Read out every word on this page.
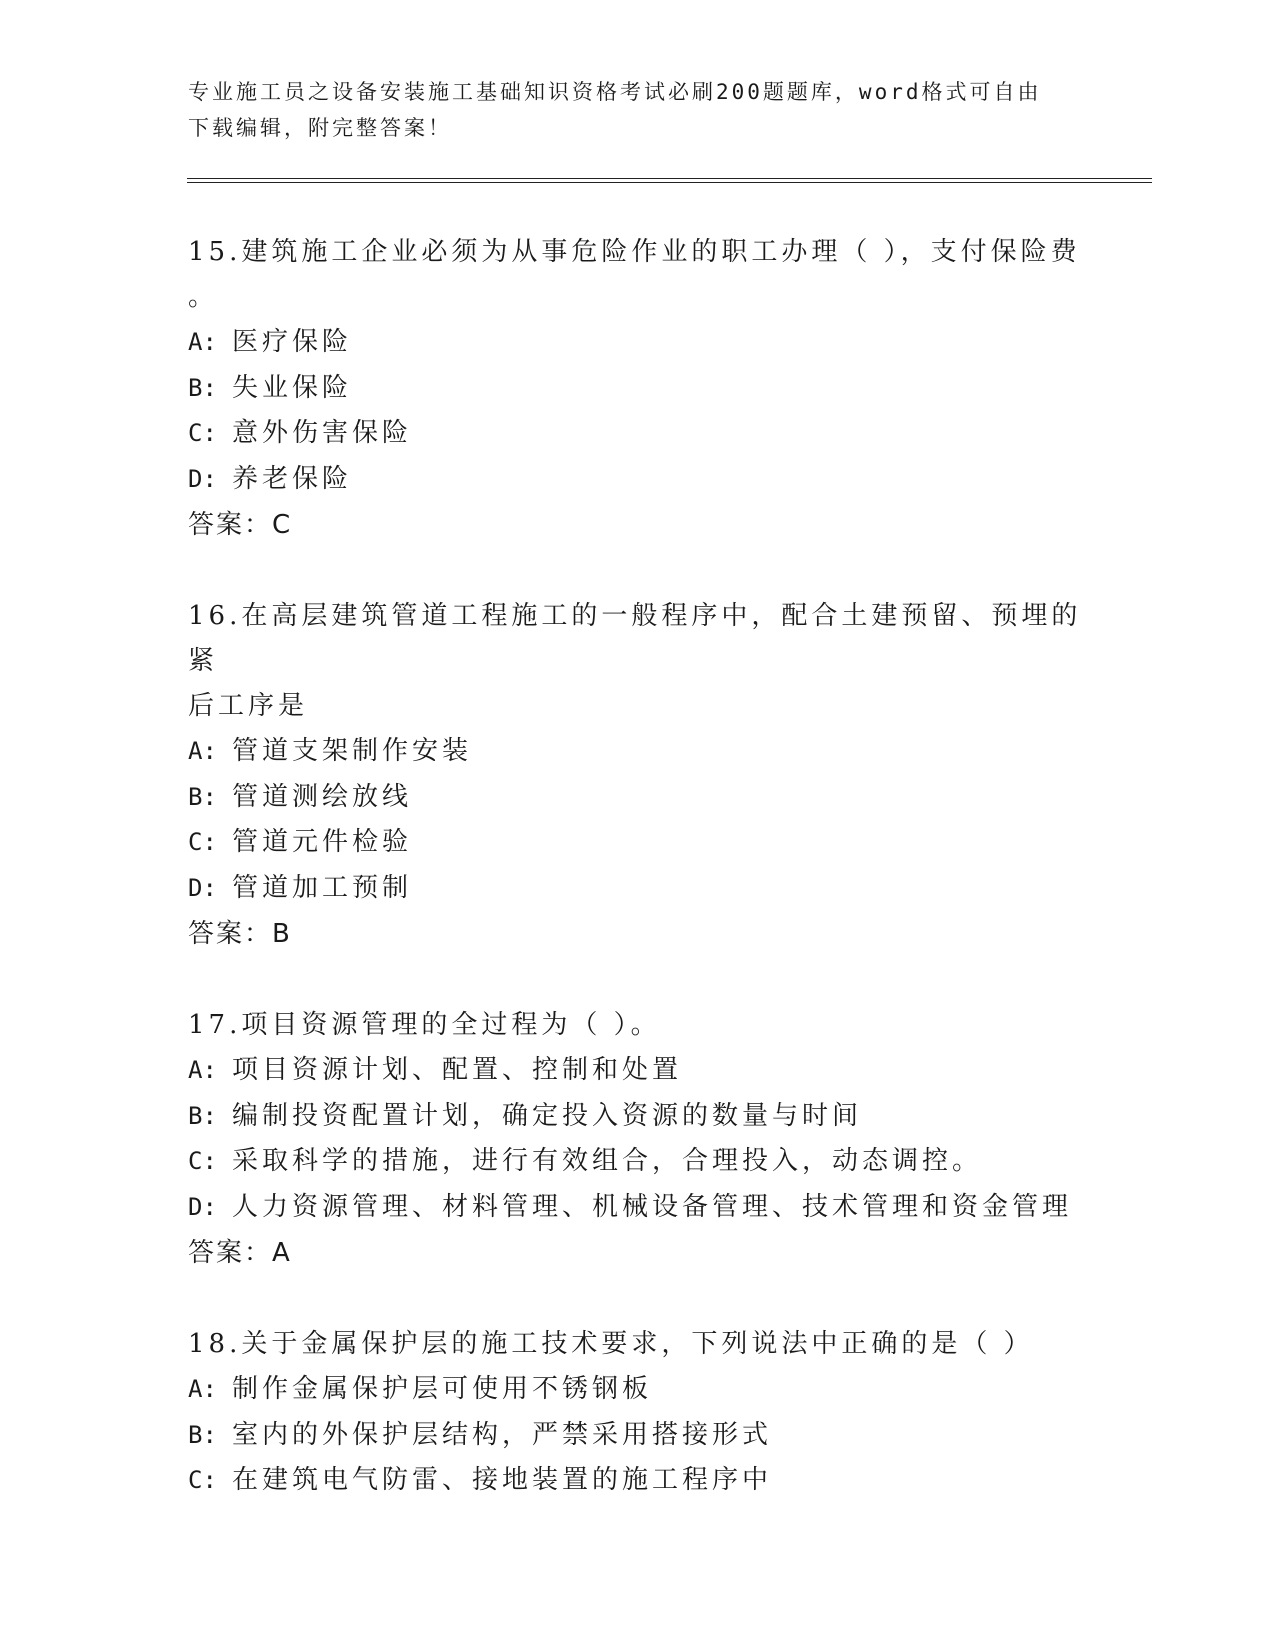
专业施工员之设备安装施工基础知识资格考试必刷200题题库，word格式可自由
下载编辑，附完整答案！

15.建筑施工企业必须为从事危险作业的职工办理（ ），支付保险费

。

A: 医疗保险

B: 失业保险

C: 意外伤害保险

D: 养老保险

答案：C

16.在高层建筑管道工程施工的一般程序中，配合土建预留、预埋的紧

后工序是

A: 管道支架制作安装

B: 管道测绘放线

C: 管道元件检验

D: 管道加工预制

答案：B

17.项目资源管理的全过程为（ ）。

A: 项目资源计划、配置、控制和处置

B: 编制投资配置计划，确定投入资源的数量与时间

C: 采取科学的措施，进行有效组合，合理投入，动态调控。

D: 人力资源管理、材料管理、机械设备管理、技术管理和资金管理

答案：A

18.关于金属保护层的施工技术要求，下列说法中正确的是（ ）

A: 制作金属保护层可使用不锈钢板

B: 室内的外保护层结构，严禁采用搭接形式

C: 在建筑电气防雷、接地装置的施工程序中
